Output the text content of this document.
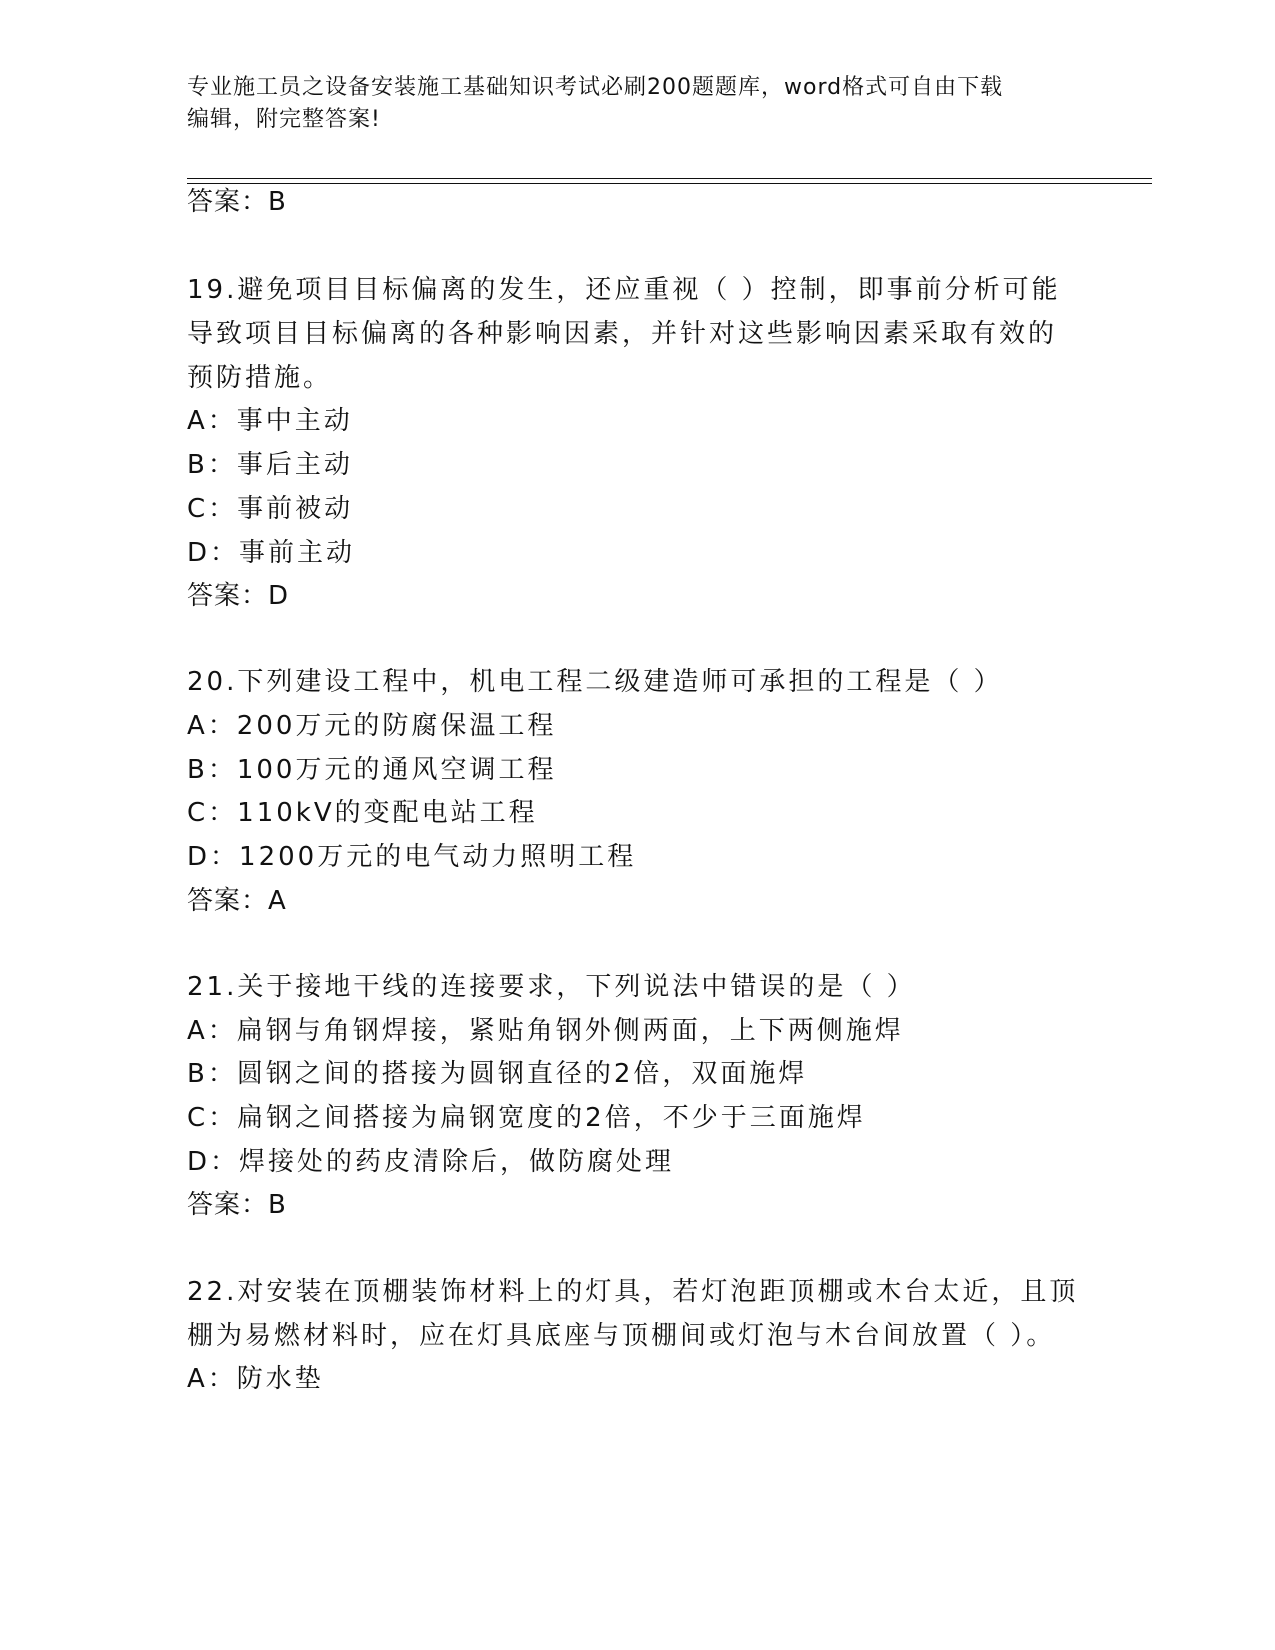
专业施工员之设备安装施工基础知识考试必刷200题题库，word格式可自由下载
编辑，附完整答案!
答案：B
19.避免项目目标偏离的发生，还应重视（ ）控制，即事前分析可能
导致项目目标偏离的各种影响因素，并针对这些影响因素采取有效的
预防措施。
A：事中主动
B：事后主动
C：事前被动
D：事前主动
答案：D
20.下列建设工程中，机电工程二级建造师可承担的工程是（ ）
A：200万元的防腐保温工程
B：100万元的通风空调工程
C：110kV的变配电站工程
D：1200万元的电气动力照明工程
答案：A
21.关于接地干线的连接要求，下列说法中错误的是（ ）
A：扁钢与角钢焊接，紧贴角钢外侧两面，上下两侧施焊
B：圆钢之间的搭接为圆钢直径的2倍，双面施焊
C：扁钢之间搭接为扁钢宽度的2倍，不少于三面施焊
D：焊接处的药皮清除后，做防腐处理
答案：B
22.对安装在顶棚装饰材料上的灯具，若灯泡距顶棚或木台太近，且顶
棚为易燃材料时，应在灯具底座与顶棚间或灯泡与木台间放置（ ）。
A：防水垫
